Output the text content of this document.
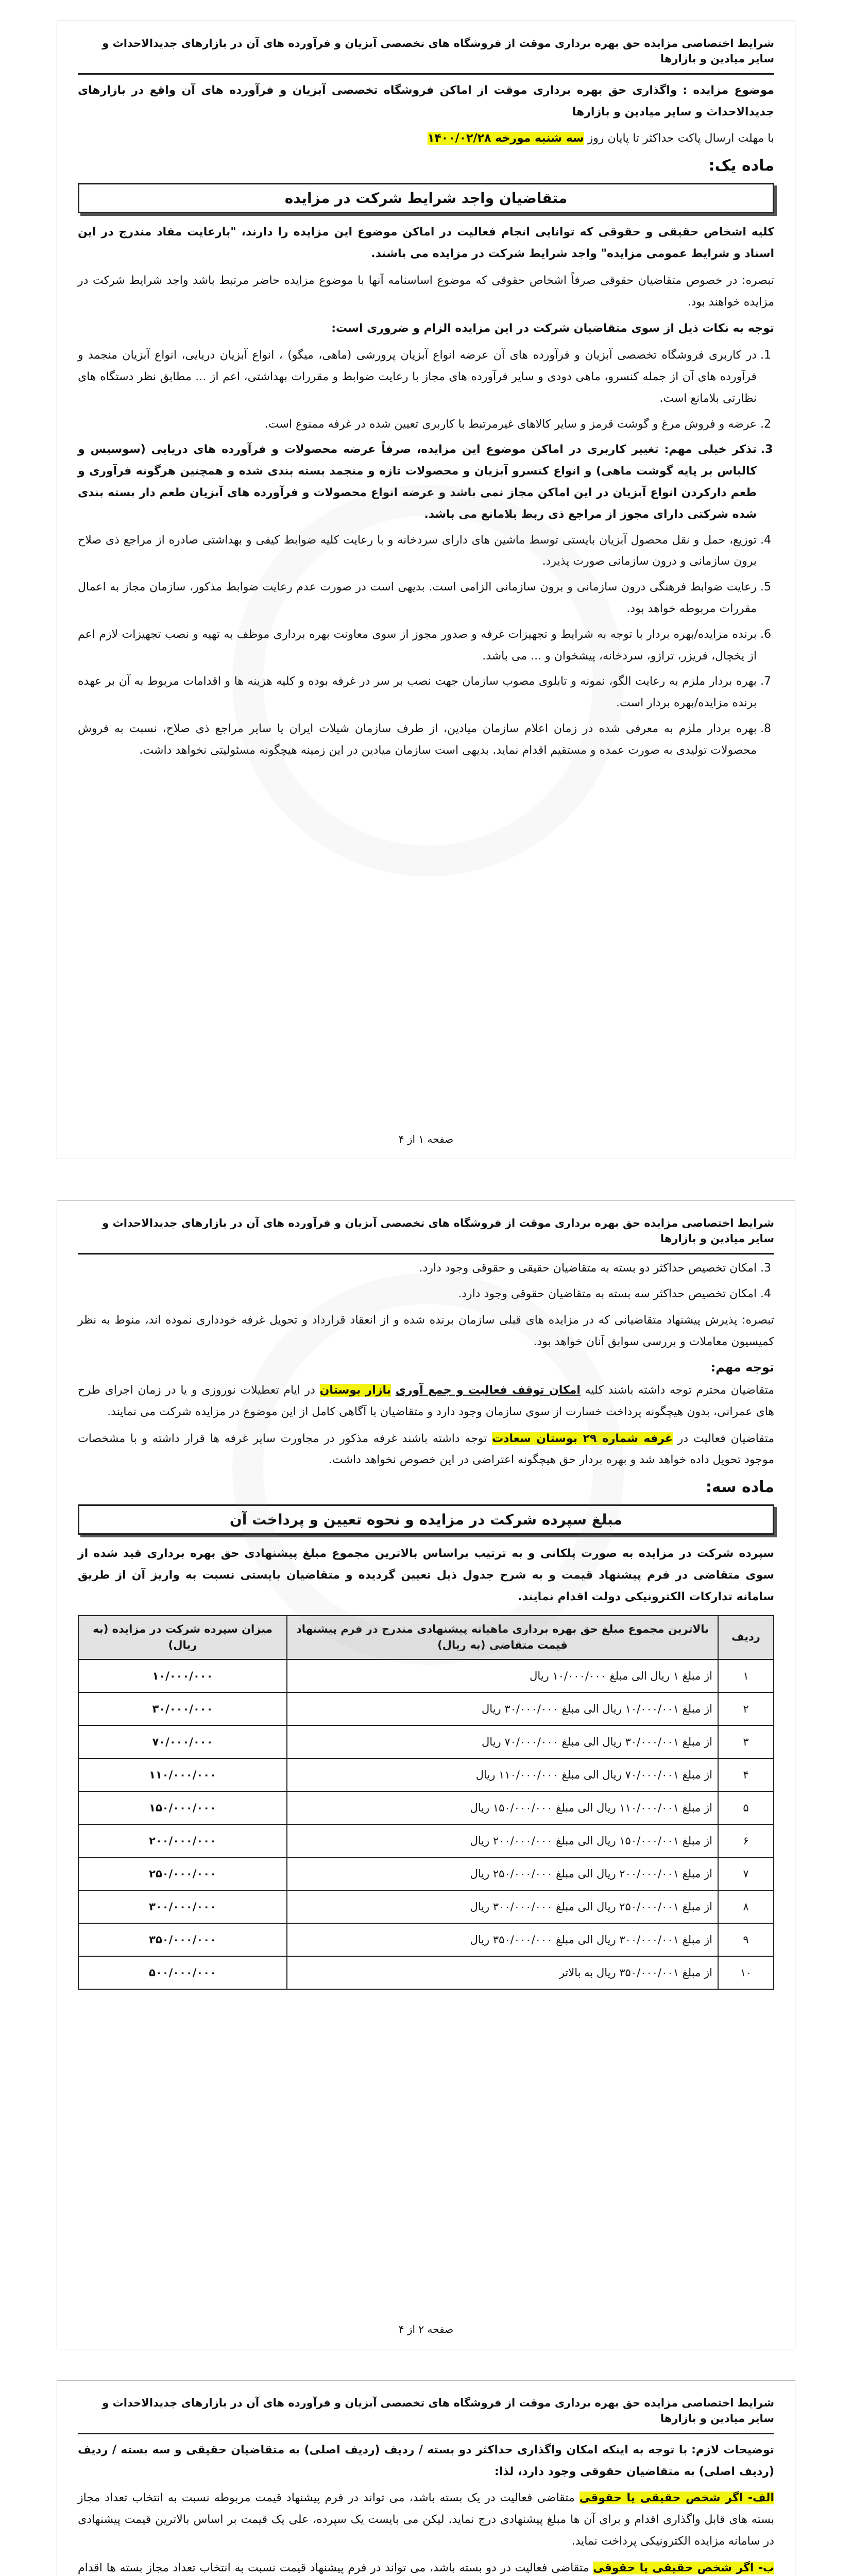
شرایط اختصاصی مزایده حق بهره برداری موقت از فروشگاه های تخصصی آبزیان و فرآورده های آن در بازارهای جدیدالاحداث و سایر میادین و بازارها

موضوع مزایده : واگذاری حق بهره برداری موقت از اماکن فروشگاه تخصصی آبزیان و فرآورده های آن واقع در بازارهای جدیدالاحداث و سایر میادین و بازارها

با مهلت ارسال پاکت حداکثر تا پایان روز سه شنبه مورخه ۱۴۰۰/۰۲/۲۸

ماده یک:
متقاضیان واجد شرایط شرکت در مزایده

کلیه اشخاص حقیقی و حقوقی که توانایی انجام فعالیت در اماکن موضوع این مزایده را دارند، "بارعایت مفاد مندرج در این اسناد و شرایط عمومی مزایده" واجد شرایط شرکت در مزایده می باشند.

تبصره: در خصوص متقاضیان حقوقی صرفاً اشخاص حقوقی که موضوع اساسنامه آنها با موضوع مزایده حاضر مرتبط باشد واجد شرایط شرکت در مزایده خواهند بود.

توجه به نکات ذیل از سوی متقاضیان شرکت در این مزایده الزام و ضروری است:

1. در کاربری فروشگاه تخصصی آبزیان و فرآورده های آن عرضه انواع آبزیان پرورشی (ماهی، میگو) ، انواع آبزیان دریایی، انواع آبزیان منجمد و فرآورده های آن از جمله کنسرو، ماهی دودی و سایر فرآورده های مجاز با رعایت ضوابط و مقررات بهداشتی، اعم از ... مطابق نظر دستگاه های نظارتی بلامانع است.
2. عرضه و فروش مرغ و گوشت قرمز و سایر کالاهای غیرمرتبط با کاربری تعیین شده در غرفه ممنوع است.
3. تذکر خیلی مهم: تغییر کاربری در اماکن موضوع این مزایده، صرفاً عرضه محصولات و فرآورده های دریایی (سوسیس و کالباس بر پایه گوشت ماهی) و انواع کنسرو آبزیان و محصولات تازه و منجمد بسته بندی شده و همچنین هرگونه فرآوری و طعم دارکردن انواع آبزیان در این اماکن مجاز نمی باشد و عرضه انواع محصولات و فرآورده های آبزیان طعم دار بسته بندی شده شرکتی دارای مجوز از مراجع ذی ربط بلامانع می باشد.
4. توزیع، حمل و نقل محصول آبزیان بایستی توسط ماشین های دارای سردخانه و با رعایت کلیه ضوابط کیفی و بهداشتی صادره از مراجع ذی صلاح برون سازمانی و درون سازمانی صورت پذیرد.
5. رعایت ضوابط فرهنگی درون سازمانی و برون سازمانی الزامی است. بدیهی است در صورت عدم رعایت ضوابط مذکور، سازمان مجاز به اعمال مقررات مربوطه خواهد بود.
6. برنده مزایده/بهره بردار با توجه به شرایط و تجهیزات غرفه و صدور مجوز از سوی معاونت بهره برداری موظف به تهیه و نصب تجهیزات لازم اعم از یخچال، فریزر، ترازو، سردخانه، پیشخوان و ... می باشد.
7. بهره بردار ملزم به رعایت الگو، نمونه و تابلوی مصوب سازمان جهت نصب بر سر در غرفه بوده و کلیه هزینه ها و اقدامات مربوط به آن بر عهده برنده مزایده/بهره بردار است.
8. بهره بردار ملزم به معرفی شده در زمان اعلام سازمان میادین، از طرف سازمان شیلات ایران یا سایر مراجع ذی صلاح، نسبت به فروش محصولات تولیدی به صورت عمده و مستقیم اقدام نماید. بدیهی است سازمان میادین در این زمینه هیچگونه مسئولیتی نخواهد داشت.
صفحه ۱ از ۴
شرایط اختصاصی مزایده حق بهره برداری موقت از فروشگاه های تخصصی آبزیان و فرآورده های آن در بازارهای جدیدالاحداث و سایر میادین و بازارها
3. امکان تخصیص حداکثر دو بسته به متقاضیان حقیقی و حقوقی وجود دارد.
4. امکان تخصیص حداکثر سه بسته به متقاضیان حقوقی وجود دارد.

تبصره: پذیرش پیشنهاد متقاضیانی که در مزایده های قبلی سازمان برنده شده و از انعقاد قرارداد و تحویل غرفه خودداری نموده اند، منوط به نظر کمیسیون معاملات و بررسی سوابق آنان خواهد بود.

توجه مهم:

متقاضیان محترم توجه داشته باشند کلیه امکان توقف فعالیت و جمع آوری بازار بوستان در ایام تعطیلات نوروزی و یا در زمان اجرای طرح های عمرانی، بدون هیچگونه پرداخت خسارت از سوی سازمان وجود دارد و متقاضیان با آگاهی کامل از این موضوع در مزایده شرکت می نمایند.

متقاضیان فعالیت در غرفه شماره ۲۹ بوستان سعادت توجه داشته باشند غرفه مذکور در مجاورت سایر غرفه ها قرار داشته و با مشخصات موجود تحویل داده خواهد شد و بهره بردار حق هیچگونه اعتراضی در این خصوص نخواهد داشت.

ماده سه:
مبلغ سپرده شرکت در مزایده و نحوه تعیین و پرداخت آن

سپرده شرکت در مزایده به صورت پلکانی و به ترتیب براساس بالاترین مجموع مبلغ پیشنهادی حق بهره برداری قید شده از سوی متقاضی در فرم پیشنهاد قیمت و به شرح جدول ذیل تعیین گردیده و متقاضیان بایستی نسبت به واریز آن از طریق سامانه تدارکات الکترونیکی دولت اقدام نمایند.

ردیف	بالاترین مجموع مبلغ حق بهره برداری ماهیانه پیشنهادی مندرج در فرم پیشنهاد قیمت متقاضی (به ریال)	میزان سپرده شرکت در مزایده (به ریال)
۱	از مبلغ ۱ ریال الی مبلغ ۱۰/۰۰۰/۰۰۰ ریال	۱۰/۰۰۰/۰۰۰
۲	از مبلغ ۱۰/۰۰۰/۰۰۱ ریال الی مبلغ ۳۰/۰۰۰/۰۰۰ ریال	۳۰/۰۰۰/۰۰۰
۳	از مبلغ ۳۰/۰۰۰/۰۰۱ ریال الی مبلغ ۷۰/۰۰۰/۰۰۰ ریال	۷۰/۰۰۰/۰۰۰
۴	از مبلغ ۷۰/۰۰۰/۰۰۱ ریال الی مبلغ ۱۱۰/۰۰۰/۰۰۰ ریال	۱۱۰/۰۰۰/۰۰۰
۵	از مبلغ ۱۱۰/۰۰۰/۰۰۱ ریال الی مبلغ ۱۵۰/۰۰۰/۰۰۰ ریال	۱۵۰/۰۰۰/۰۰۰
۶	از مبلغ ۱۵۰/۰۰۰/۰۰۱ ریال الی مبلغ ۲۰۰/۰۰۰/۰۰۰ ریال	۲۰۰/۰۰۰/۰۰۰
۷	از مبلغ ۲۰۰/۰۰۰/۰۰۱ ریال الی مبلغ ۲۵۰/۰۰۰/۰۰۰ ریال	۲۵۰/۰۰۰/۰۰۰
۸	از مبلغ ۲۵۰/۰۰۰/۰۰۱ ریال الی مبلغ ۳۰۰/۰۰۰/۰۰۰ ریال	۳۰۰/۰۰۰/۰۰۰
۹	از مبلغ ۳۰۰/۰۰۰/۰۰۱ ریال الی مبلغ ۳۵۰/۰۰۰/۰۰۰ ریال	۳۵۰/۰۰۰/۰۰۰
۱۰	از مبلغ ۳۵۰/۰۰۰/۰۰۱ ریال به بالاتر	۵۰۰/۰۰۰/۰۰۰
صفحه ۲ از ۴
شرایط اختصاصی مزایده حق بهره برداری موقت از فروشگاه های تخصصی آبزیان و فرآورده های آن در بازارهای جدیدالاحداث و سایر میادین و بازارها

توضیحات لازم: با توجه به اینکه امکان واگذاری حداکثر دو بسته / ردیف (ردیف اصلی) به متقاضیان حقیقی و سه بسته / ردیف (ردیف اصلی) به متقاضیان حقوقی وجود دارد، لذا:

الف- اگر شخص حقیقی یا حقوقی متقاضی فعالیت در یک بسته باشد، می تواند در فرم پیشنهاد قیمت مربوطه نسبت به انتخاب تعداد مجاز بسته های قابل واگذاری اقدام و برای آن ها مبلغ پیشنهادی درج نماید. لیکن می بایست یک سپرده، علی یک قیمت بر اساس بالاترین قیمت پیشنهادی در سامانه مزایده الکترونیکی پرداخت نماید.

ب- اگر شخص حقیقی یا حقوقی متقاضی فعالیت در دو بسته باشد، می تواند در فرم پیشنهاد قیمت نسبت به انتخاب تعداد مجاز بسته ها اقدام
